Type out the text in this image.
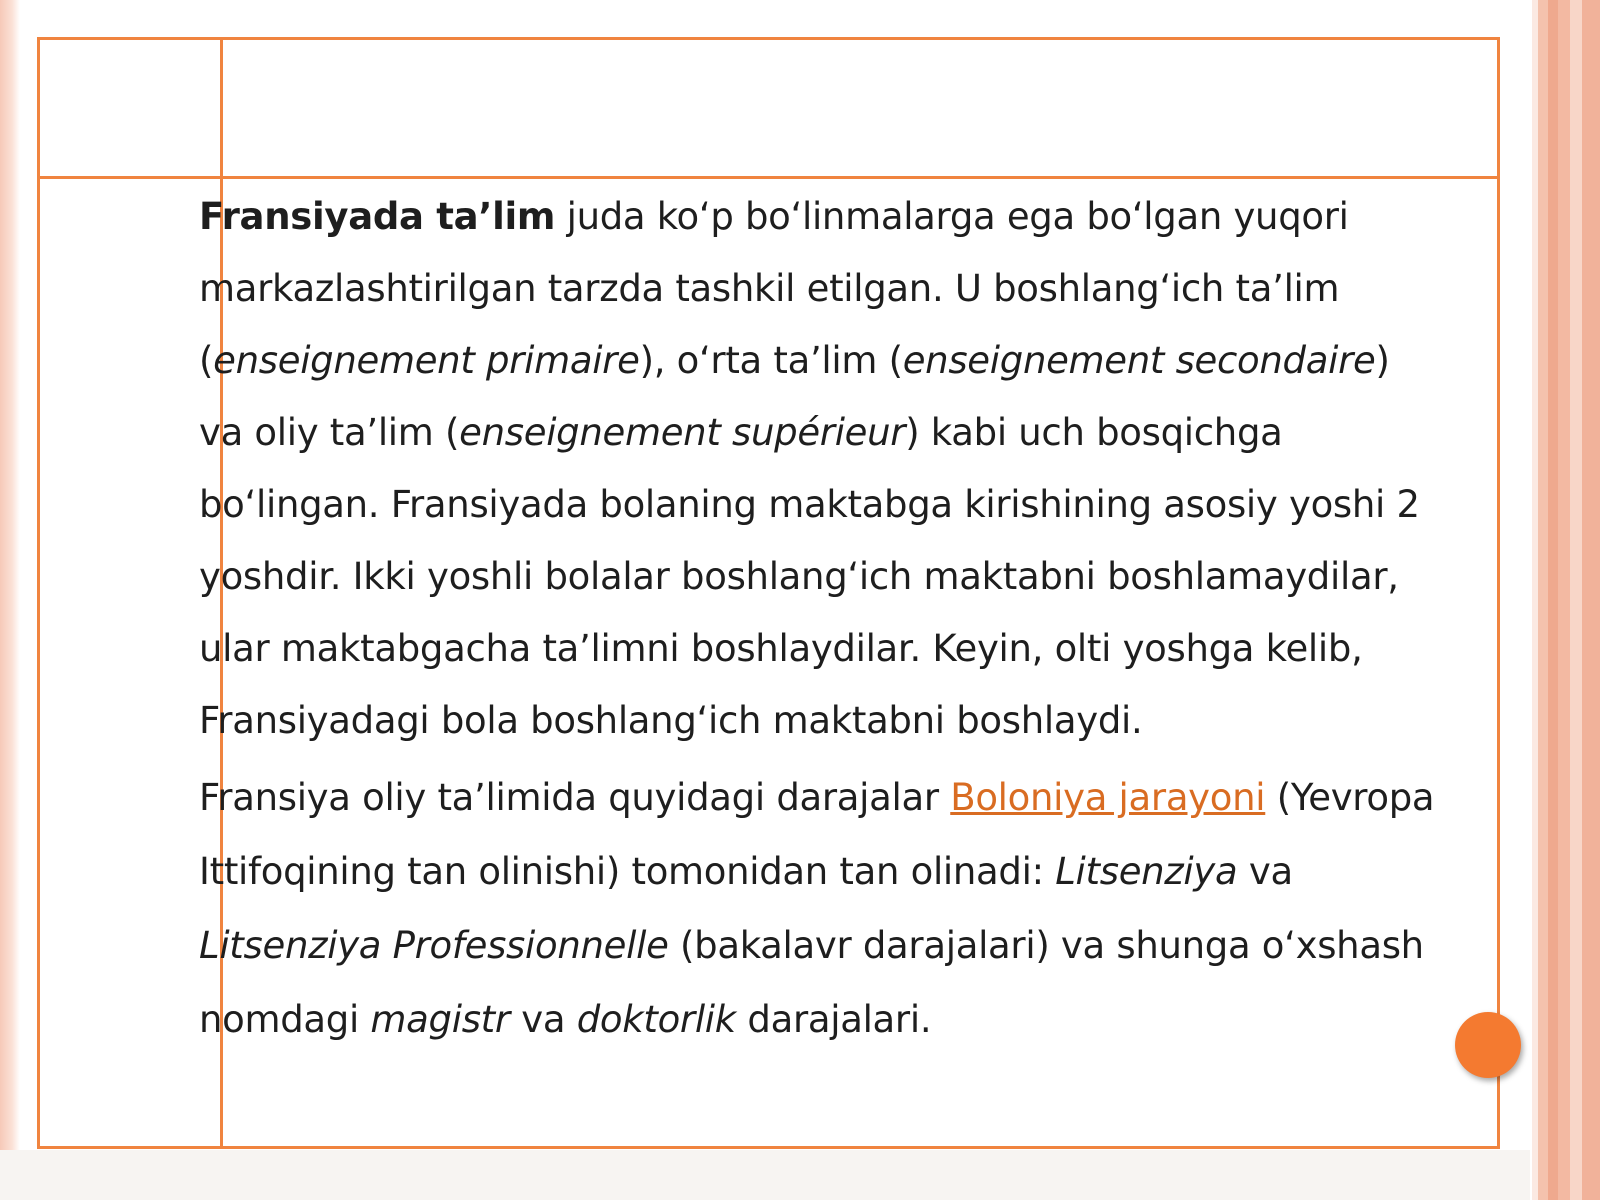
Fransiyada ta’lim juda ko‘p bo‘linmalarga ega bo‘lgan yuqori markazlashtirilgan tarzda tashkil etilgan. U boshlang‘ich ta’lim (enseignement primaire), o‘rta ta’lim (enseignement secondaire) va oliy ta’lim (enseignement supérieur) kabi uch bosqichga bo‘lingan. Fransiyada bolaning maktabga kirishining asosiy yoshi 2 yoshdir. Ikki yoshli bolalar boshlang‘ich maktabni boshlamaydilar, ular maktabgacha ta’limni boshlaydilar. Keyin, olti yoshga kelib, Fransiyadagi bola boshlang‘ich maktabni boshlaydi.

Fransiya oliy ta’limida quyidagi darajalar Boloniya jarayoni (Yevropa Ittifoqining tan olinishi) tomonidan tan olinadi: Litsenziya va Litsenziya Professionnelle (bakalavr darajalari) va shunga o‘xshash nomdagi magistr va doktorlik darajalari.
